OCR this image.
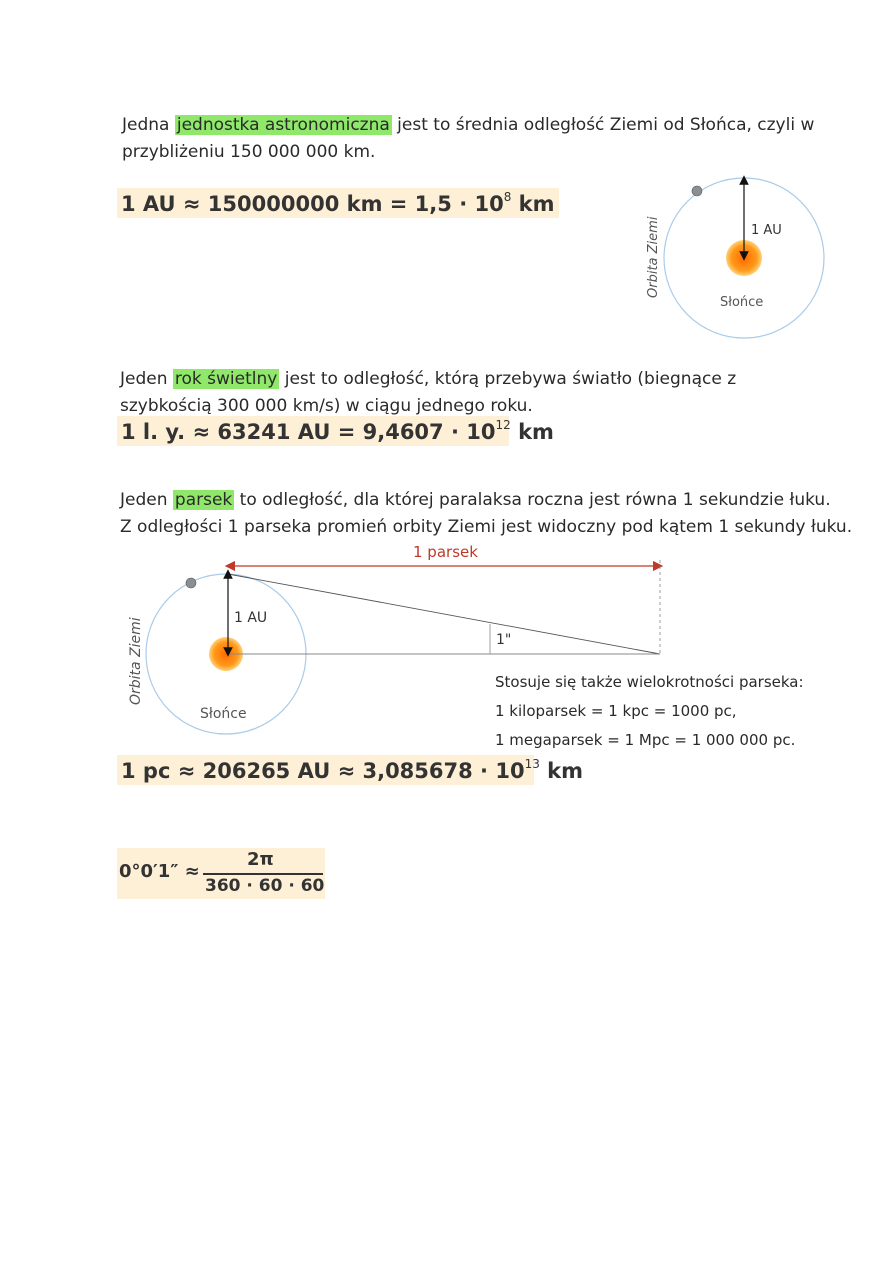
Jedna jednostka astronomiczna jest to średnia odległość Ziemi od Słońca, czyli w przybliżeniu 150 000 000 km.
1 AU ≈ 150000000 km = $1,5 \cdot 10^8$ km
1 AU
Słońce
Orbita Ziemi
Jeden rok świetlny jest to odległość, którą przebywa światło (biegnące z szybkością 300 000 km/s) w ciągu jednego roku.
1 l. y. ≈ 63241 AU = $9,4607 \cdot 10^{12}$ km
Jeden parsek to odległość, dla której paralaksa roczna jest równa 1 sekundzie łuku.
Z odległości 1 parseka promień orbity Ziemi jest widoczny pod kątem 1 sekundy łuku.
1 parsek
1 AU
1"
Słońce
Orbita Ziemi	Stosuje się także wielokrotności parseka:
1 kiloparsek = 1 kpc = 1000 pc,
1 megaparsek = 1 Mpc = 1 000 000 pc.
1 pc ≈ 206265 AU ≈ $3,085678 \cdot 10^{13}$ km
0°0′1″ ≈
2π
360 · 60 · 60
